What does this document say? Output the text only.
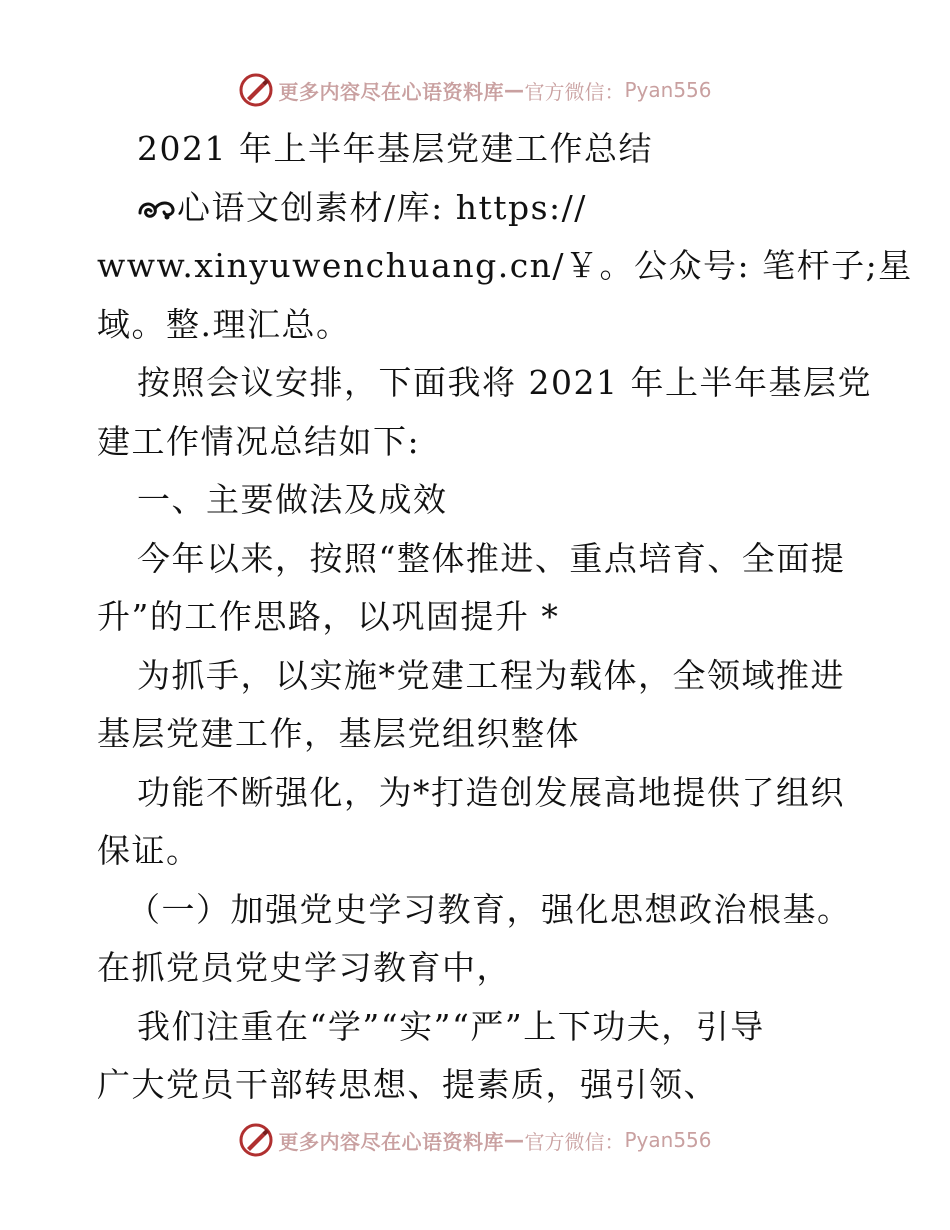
更多内容尽在心语资料库 — 官方微信： Pyan556
2021 年上半年基层党建工作总结
心语文创素材/库: https://
www.xinyuwenchuang.cn/￥。公众号: 笔杆子;星
域。整.理汇总。
按照会议安排，下面我将 2021 年上半年基层党
建工作情况总结如下:
一、主要做法及成效
今年以来，按照“整体推进、重点培育、全面提
升”的工作思路，以巩固提升 *
为抓手，以实施*党建工程为载体，全领域推进
基层党建工作，基层党组织整体
功能不断强化，为*打造创发展高地提供了组织
保证。
（一）加强党史学习教育，强化思想政治根基。
在抓党员党史学习教育中，
我们注重在“学”“实”“严”上下功夫，引导
广大党员干部转思想、提素质，强引领、
更多内容尽在心语资料库 — 官方微信： Pyan556
